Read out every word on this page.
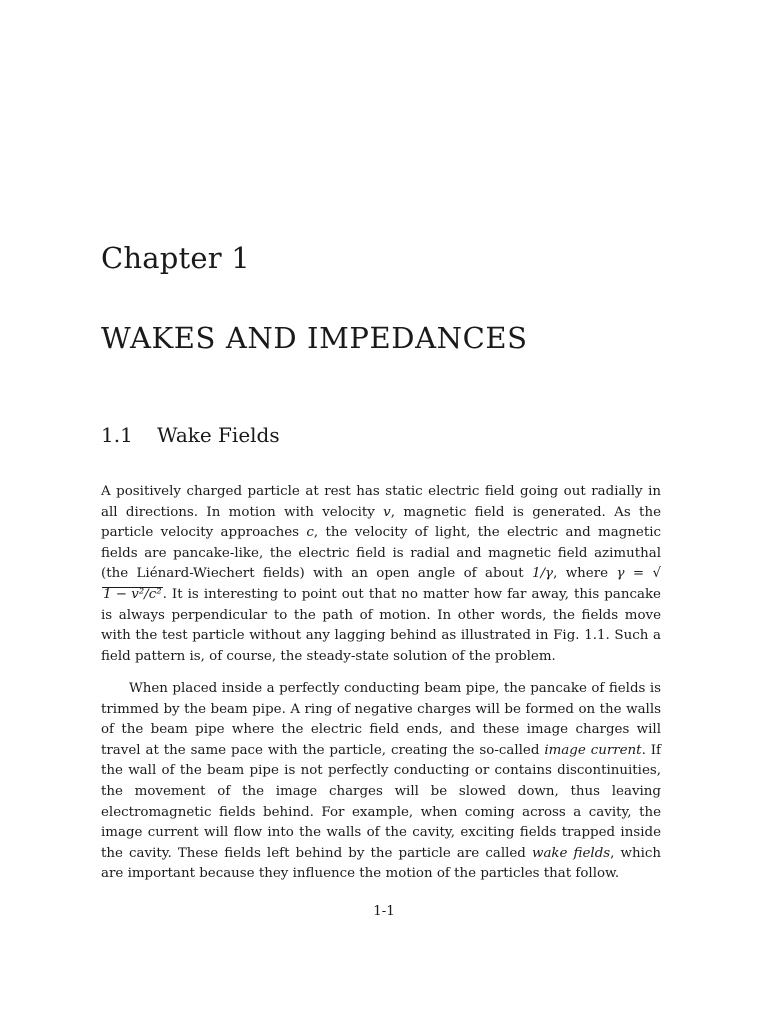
Chapter 1
WAKES AND IMPEDANCES
1.1 Wake Fields

A positively charged particle at rest has static electric field going out radially in all directions. In motion with velocity v, magnetic field is generated. As the particle velocity approaches c, the velocity of light, the electric and magnetic fields are pancake-like, the electric field is radial and magnetic field azimuthal (the Liénard-Wiechert fields) with an open angle of about 1/γ, where γ = √1 − v²/c². It is interesting to point out that no matter how far away, this pancake is always perpendicular to the path of motion. In other words, the fields move with the test particle without any lagging behind as illustrated in Fig. 1.1. Such a field pattern is, of course, the steady-state solution of the problem.

When placed inside a perfectly conducting beam pipe, the pancake of fields is trimmed by the beam pipe. A ring of negative charges will be formed on the walls of the beam pipe where the electric field ends, and these image charges will travel at the same pace with the particle, creating the so-called image current. If the wall of the beam pipe is not perfectly conducting or contains discontinuities, the movement of the image charges will be slowed down, thus leaving electromagnetic fields behind. For example, when coming across a cavity, the image current will flow into the walls of the cavity, exciting fields trapped inside the cavity. These fields left behind by the particle are called wake fields, which are important because they influence the motion of the particles that follow.

1-1
